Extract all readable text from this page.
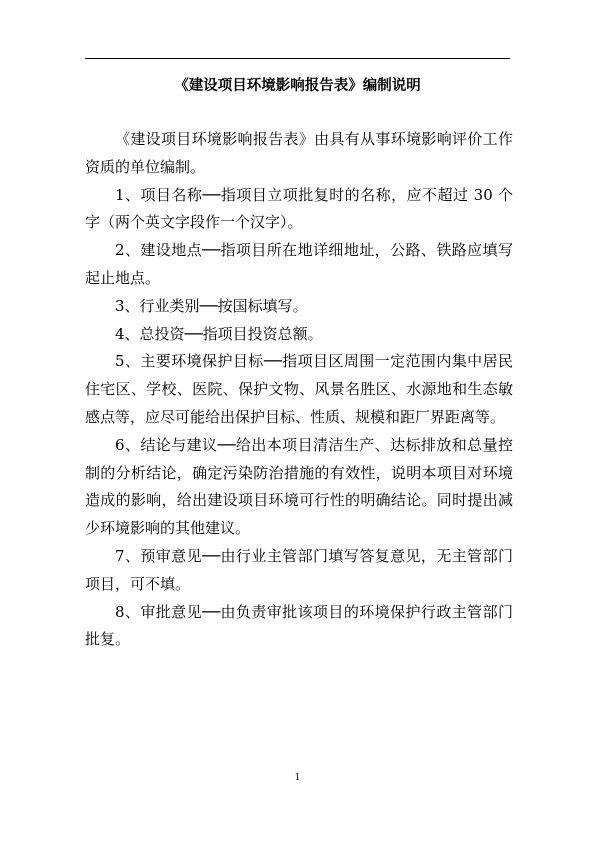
《建设项目环境影响报告表》编制说明

《建设项目环境影响报告表》由具有从事环境影响评价工作资质的单位编制。

1、项目名称──指项目立项批复时的名称，应不超过 30 个字（两个英文字段作一个汉字）。

2、建设地点──指项目所在地详细地址，公路、铁路应填写起止地点。

3、行业类别──按国标填写。

4、总投资──指项目投资总额。

5、主要环境保护目标──指项目区周围一定范围内集中居民住宅区、学校、医院、保护文物、风景名胜区、水源地和生态敏感点等，应尽可能给出保护目标、性质、规模和距厂界距离等。

6、结论与建议──给出本项目清洁生产、达标排放和总量控制的分析结论，确定污染防治措施的有效性，说明本项目对环境造成的影响，给出建设项目环境可行性的明确结论。同时提出减少环境影响的其他建议。

7、预审意见──由行业主管部门填写答复意见，无主管部门项目，可不填。

8、审批意见──由负责审批该项目的环境保护行政主管部门批复。

1
